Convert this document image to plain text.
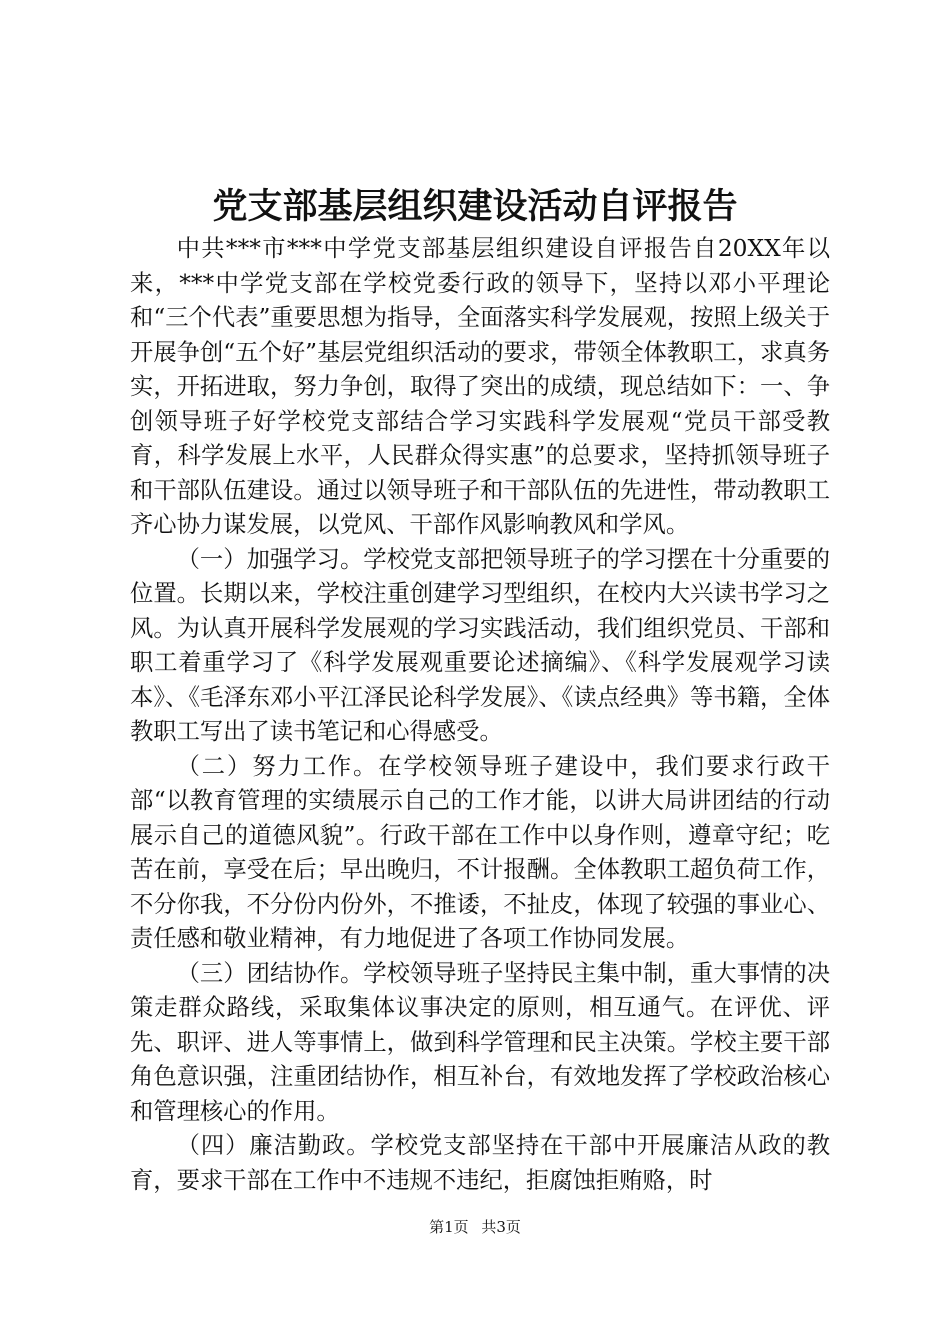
党支部基层组织建设活动自评报告

中共***市***中学党支部基层组织建设自评报告自20XX年以来，***中学党支部在学校党委行政的领导下，坚持以邓小平理论和“三个代表”重要思想为指导，全面落实科学发展观，按照上级关于开展争创“五个好”基层党组织活动的要求，带领全体教职工，求真务实，开拓进取，努力争创，取得了突出的成绩，现总结如下：一、争创领导班子好学校党支部结合学习实践科学发展观“党员干部受教育，科学发展上水平，人民群众得实惠”的总要求，坚持抓领导班子和干部队伍建设。通过以领导班子和干部队伍的先进性，带动教职工齐心协力谋发展，以党风、干部作风影响教风和学风。

（一）加强学习。学校党支部把领导班子的学习摆在十分重要的位置。长期以来，学校注重创建学习型组织，在校内大兴读书学习之风。为认真开展科学发展观的学习实践活动，我们组织党员、干部和职工着重学习了《科学发展观重要论述摘编》、《科学发展观学习读本》、《毛泽东邓小平江泽民论科学发展》、《读点经典》等书籍，全体教职工写出了读书笔记和心得感受。

（二）努力工作。在学校领导班子建设中，我们要求行政干部“以教育管理的实绩展示自己的工作才能，以讲大局讲团结的行动展示自己的道德风貌”。行政干部在工作中以身作则，遵章守纪；吃苦在前，享受在后；早出晚归，不计报酬。全体教职工超负荷工作，不分你我，不分份内份外，不推诿，不扯皮，体现了较强的事业心、责任感和敬业精神，有力地促进了各项工作协同发展。

（三）团结协作。学校领导班子坚持民主集中制，重大事情的决策走群众路线，采取集体议事决定的原则，相互通气。在评优、评先、职评、进人等事情上，做到科学管理和民主决策。学校主要干部角色意识强，注重团结协作，相互补台，有效地发挥了学校政治核心和管理核心的作用。

（四）廉洁勤政。学校党支部坚持在干部中开展廉洁从政的教育，要求干部在工作中不违规不违纪，拒腐蚀拒贿赂，时

第1页 共3页
